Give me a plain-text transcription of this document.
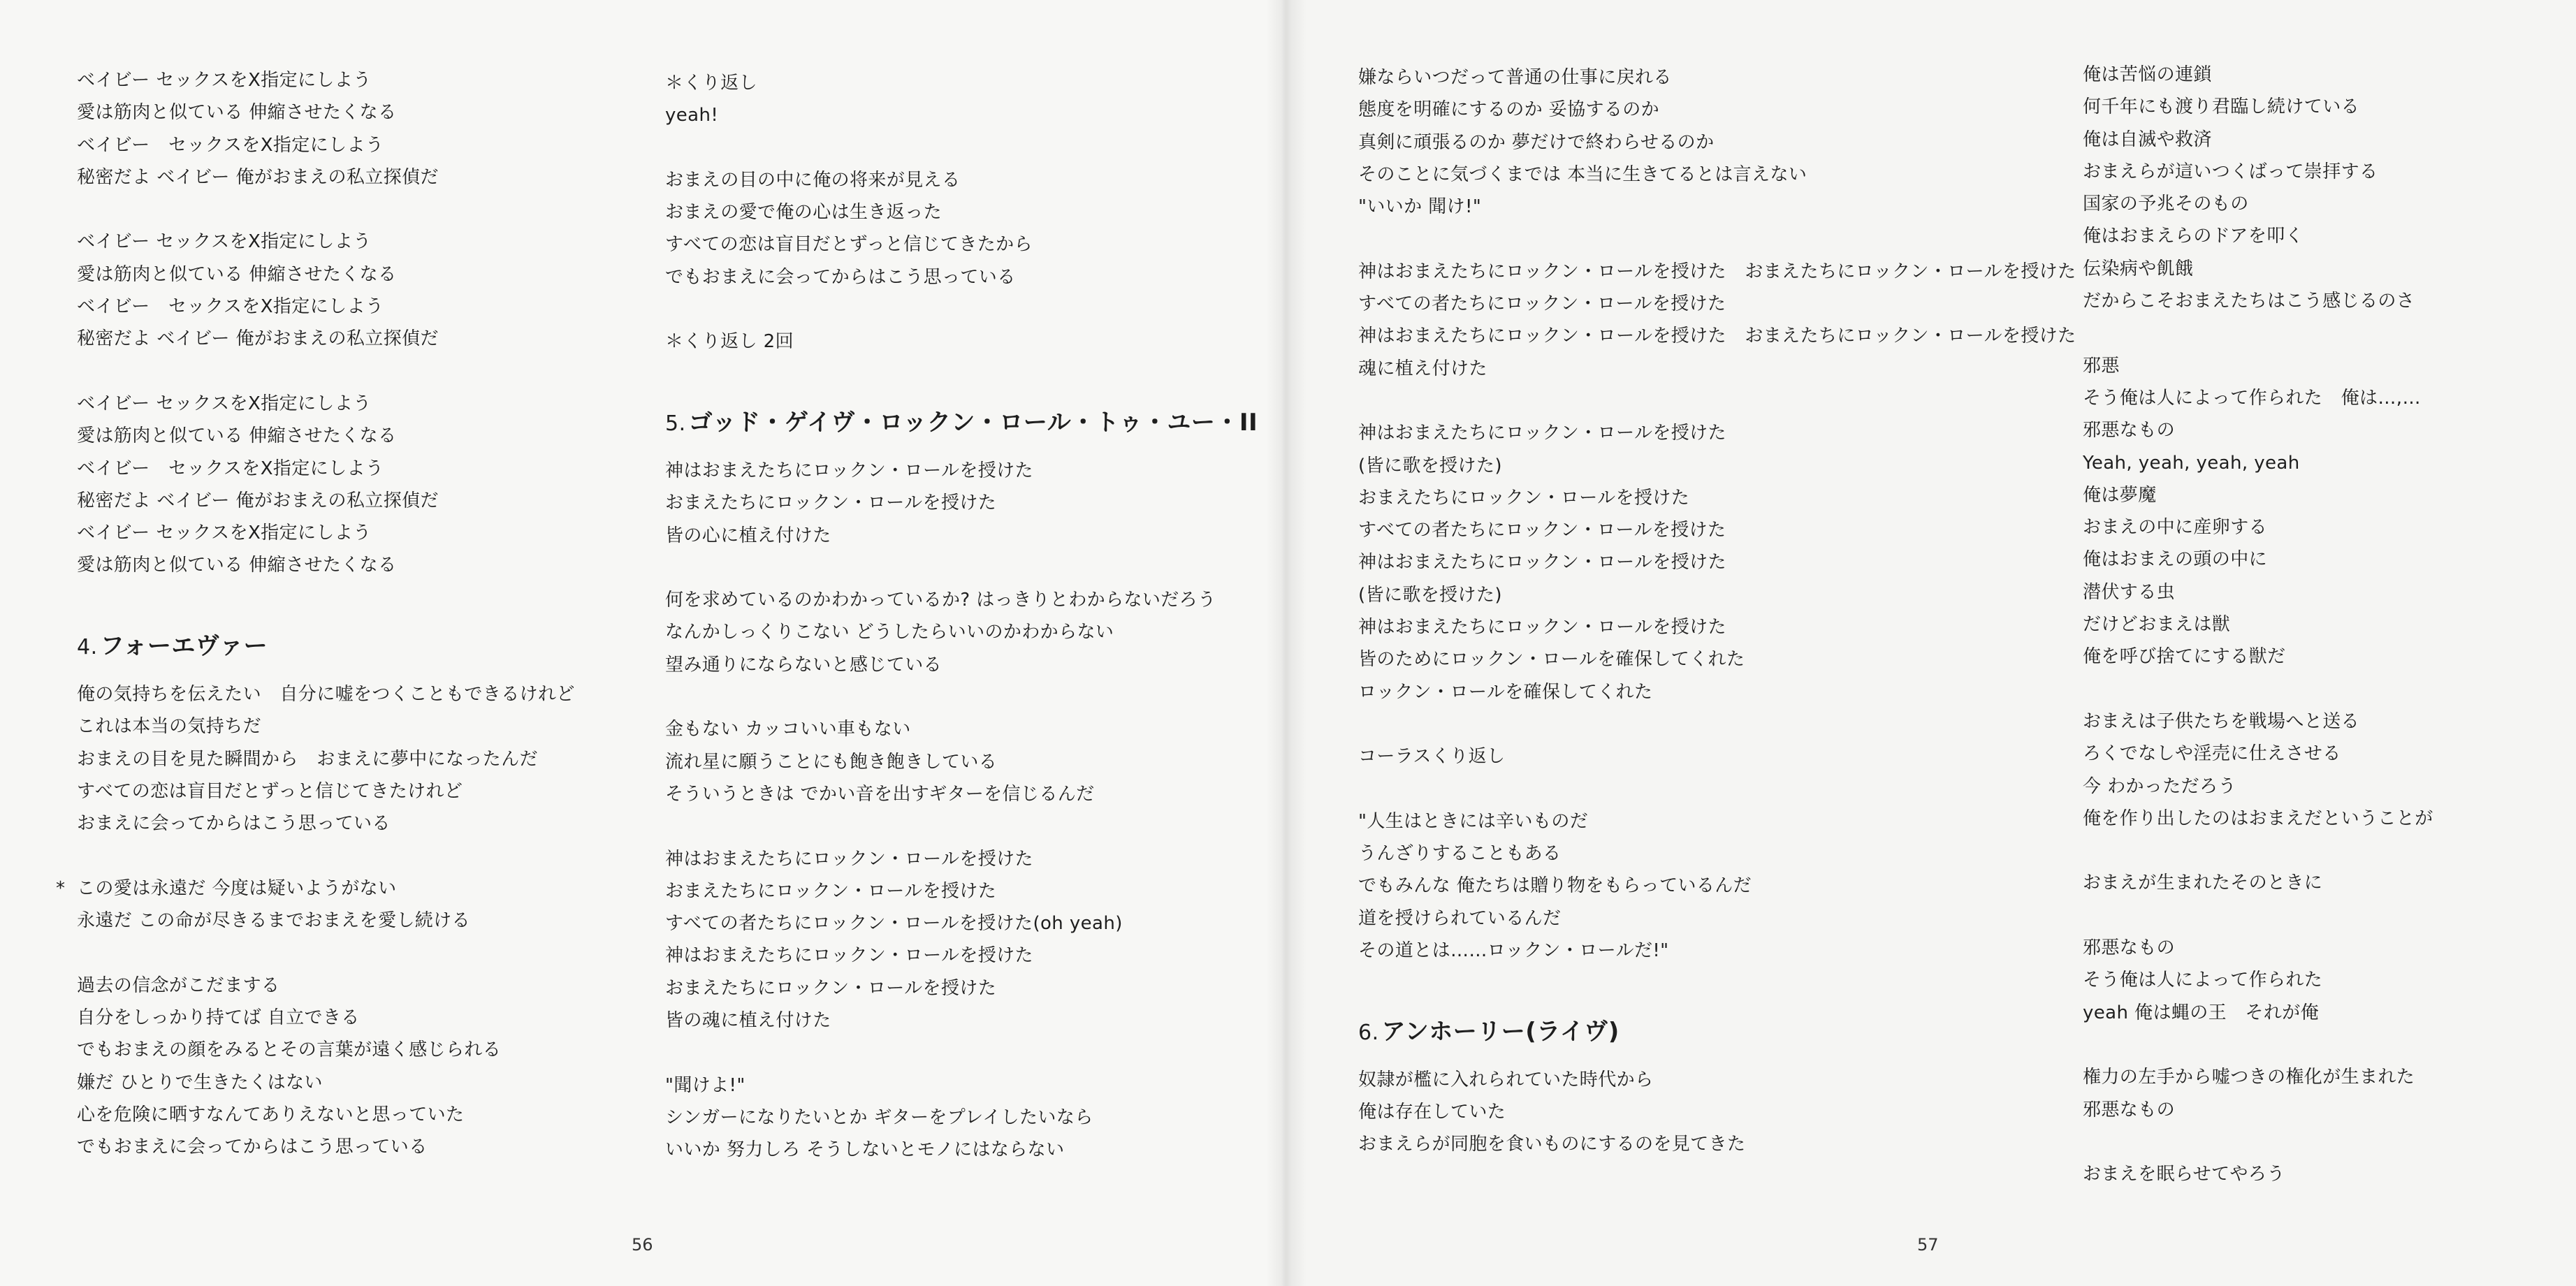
ベイビー セックスをX指定にしよう
愛は筋肉と似ている 伸縮させたくなる
ベイビー　セックスをX指定にしよう
秘密だよ ベイビー 俺がおまえの私立探偵だ
ベイビー セックスをX指定にしよう
愛は筋肉と似ている 伸縮させたくなる
ベイビー　セックスをX指定にしよう
秘密だよ ベイビー 俺がおまえの私立探偵だ
ベイビー セックスをX指定にしよう
愛は筋肉と似ている 伸縮させたくなる
ベイビー　セックスをX指定にしよう
秘密だよ ベイビー 俺がおまえの私立探偵だ
ベイビー セックスをX指定にしよう
愛は筋肉と似ている 伸縮させたくなる
4. フォーエヴァー
俺の気持ちを伝えたい　自分に嘘をつくこともできるけれど
これは本当の気持ちだ
おまえの目を見た瞬間から　おまえに夢中になったんだ
すべての恋は盲目だとずっと信じてきたけれど
おまえに会ってからはこう思っている
* この愛は永遠だ 今度は疑いようがない
永遠だ この命が尽きるまでおまえを愛し続ける
過去の信念がこだまする
自分をしっかり持てば 自立できる
でもおまえの顔をみるとその言葉が遠く感じられる
嫌だ ひとりで生きたくはない
心を危険に晒すなんてありえないと思っていた
でもおまえに会ってからはこう思っている
＊くり返し
yeah!
おまえの目の中に俺の将来が見える
おまえの愛で俺の心は生き返った
すべての恋は盲目だとずっと信じてきたから
でもおまえに会ってからはこう思っている
＊くり返し 2回
5. ゴッド・ゲイヴ・ロックン・ロール・トゥ・ユー・II
神はおまえたちにロックン・ロールを授けた
おまえたちにロックン・ロールを授けた
皆の心に植え付けた
何を求めているのかわかっているか? はっきりとわからないだろう
なんかしっくりこない どうしたらいいのかわからない
望み通りにならないと感じている
金もない カッコいい車もない
流れ星に願うことにも飽き飽きしている
そういうときは でかい音を出すギターを信じるんだ
神はおまえたちにロックン・ロールを授けた
おまえたちにロックン・ロールを授けた
すべての者たちにロックン・ロールを授けた(oh yeah)
神はおまえたちにロックン・ロールを授けた
おまえたちにロックン・ロールを授けた
皆の魂に植え付けた
"聞けよ!"
シンガーになりたいとか ギターをプレイしたいなら
いいか 努力しろ そうしないとモノにはならない
56
嫌ならいつだって普通の仕事に戻れる
態度を明確にするのか 妥協するのか
真剣に頑張るのか 夢だけで終わらせるのか
そのことに気づくまでは 本当に生きてるとは言えない
"いいか 聞け!"
神はおまえたちにロックン・ロールを授けた　おまえたちにロックン・ロールを授けた
すべての者たちにロックン・ロールを授けた
神はおまえたちにロックン・ロールを授けた　おまえたちにロックン・ロールを授けた
魂に植え付けた
神はおまえたちにロックン・ロールを授けた
(皆に歌を授けた)
おまえたちにロックン・ロールを授けた
すべての者たちにロックン・ロールを授けた
神はおまえたちにロックン・ロールを授けた
(皆に歌を授けた)
神はおまえたちにロックン・ロールを授けた
皆のためにロックン・ロールを確保してくれた
ロックン・ロールを確保してくれた
コーラスくり返し
"人生はときには辛いものだ
うんざりすることもある
でもみんな 俺たちは贈り物をもらっているんだ
道を授けられているんだ
その道とは……ロックン・ロールだ!"
6. アンホーリー(ライヴ)
奴隷が檻に入れられていた時代から
俺は存在していた
おまえらが同胞を食いものにするのを見てきた
俺は苦悩の連鎖
何千年にも渡り君臨し続けている
俺は自滅や救済
おまえらが這いつくばって崇拝する
国家の予兆そのもの
俺はおまえらのドアを叩く
伝染病や飢餓
だからこそおまえたちはこう感じるのさ
邪悪
そう俺は人によって作られた　俺は…,…
邪悪なもの
Yeah, yeah, yeah, yeah
俺は夢魔
おまえの中に産卵する
俺はおまえの頭の中に
潜伏する虫
だけどおまえは獣
俺を呼び捨てにする獣だ
おまえは子供たちを戦場へと送る
ろくでなしや淫売に仕えさせる
今 わかっただろう
俺を作り出したのはおまえだということが
おまえが生まれたそのときに
邪悪なもの
そう俺は人によって作られた
yeah 俺は蝿の王　それが俺
権力の左手から嘘つきの権化が生まれた
邪悪なもの
おまえを眠らせてやろう
57
